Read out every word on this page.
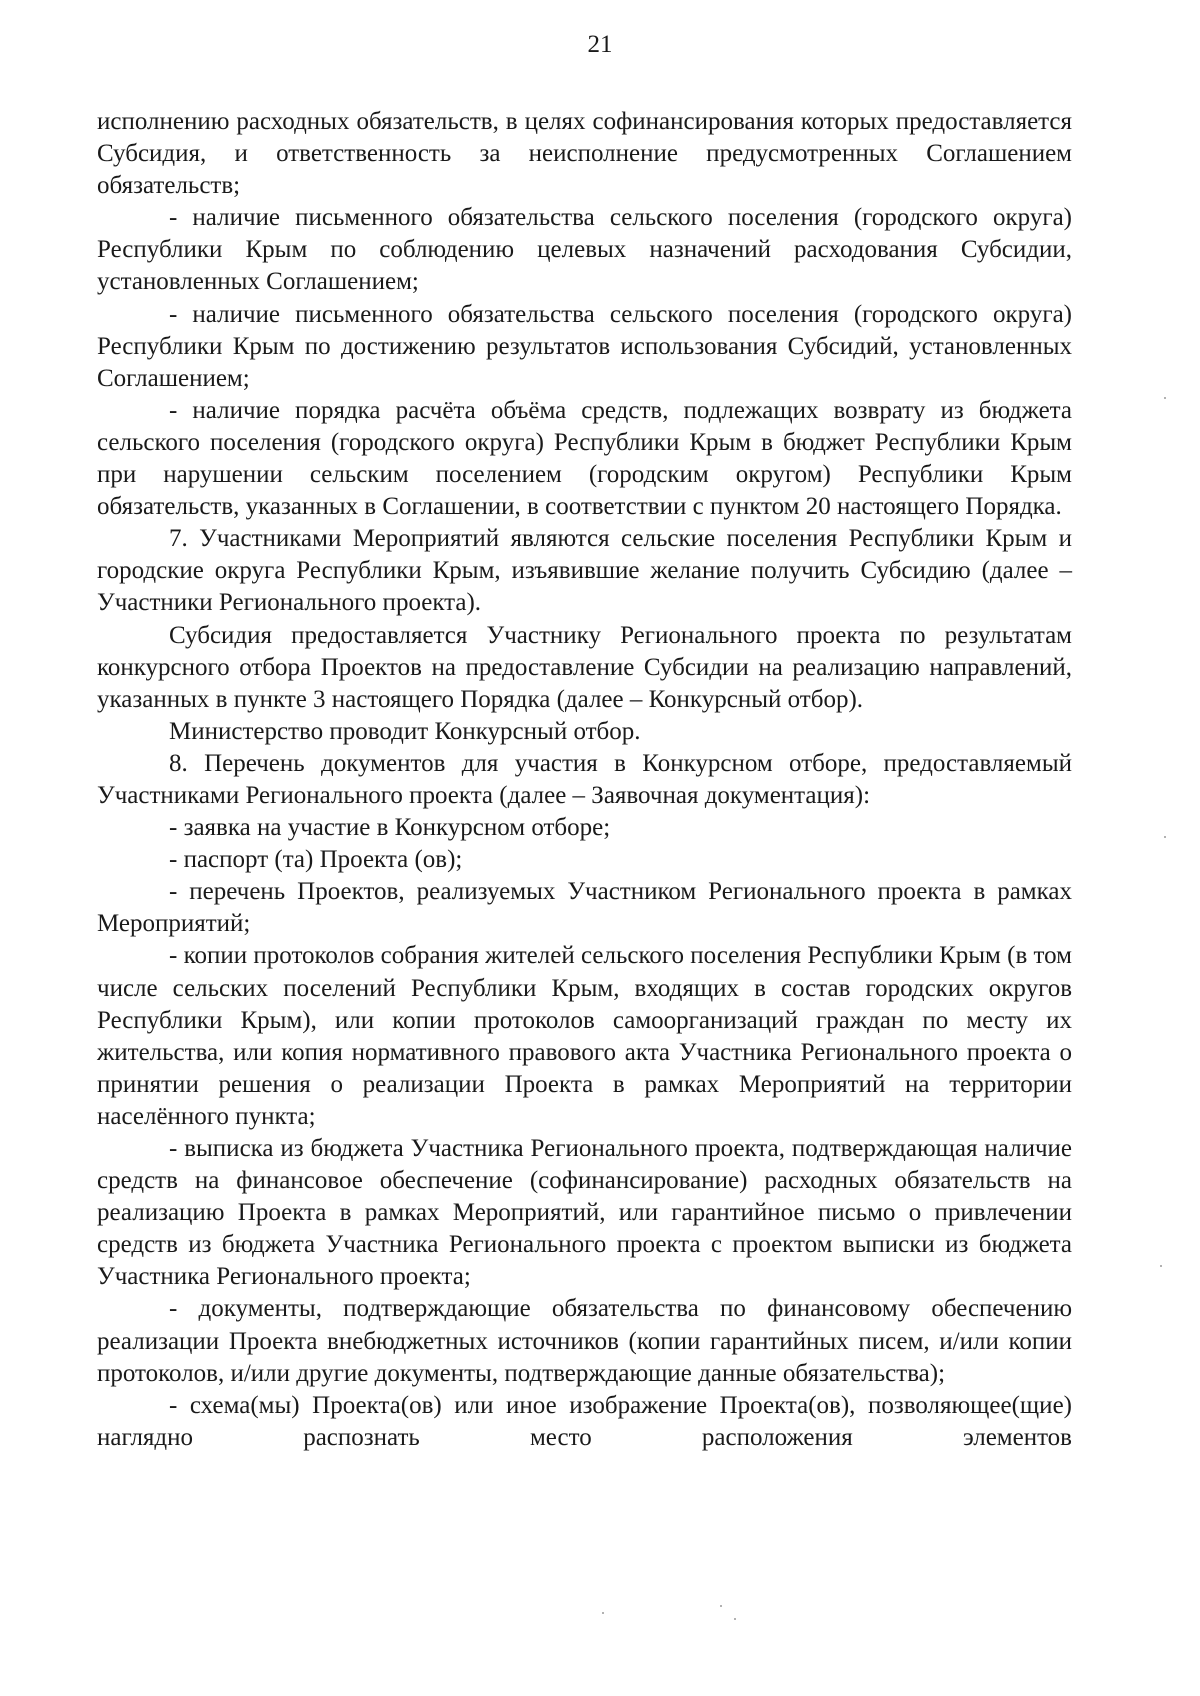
21

исполнению расходных обязательств, в целях софинансирования которых предоставляется Субсидия, и ответственность за неисполнение предусмотренных Соглашением обязательств;

- наличие письменного обязательства сельского поселения (городского округа) Республики Крым по соблюдению целевых назначений расходования Субсидии, установленных Соглашением;

- наличие письменного обязательства сельского поселения (городского округа) Республики Крым по достижению результатов использования Субсидий, установленных Соглашением;

- наличие порядка расчёта объёма средств, подлежащих возврату из бюджета сельского поселения (городского округа) Республики Крым в бюджет Республики Крым при нарушении сельским поселением (городским округом) Республики Крым обязательств, указанных в Соглашении, в соответствии с пунктом 20 настоящего Порядка.

7. Участниками Мероприятий являются сельские поселения Республики Крым и городские округа Республики Крым, изъявившие желание получить Субсидию (далее – Участники Регионального проекта).

Субсидия предоставляется Участнику Регионального проекта по результатам конкурсного отбора Проектов на предоставление Субсидии на реализацию направлений, указанных в пункте 3 настоящего Порядка (далее – Конкурсный отбор).

Министерство проводит Конкурсный отбор.

8. Перечень документов для участия в Конкурсном отборе, предоставляемый Участниками Регионального проекта (далее – Заявочная документация):

- заявка на участие в Конкурсном отборе;

- паспорт (та) Проекта (ов);

- перечень Проектов, реализуемых Участником Регионального проекта в рамках Мероприятий;

- копии протоколов собрания жителей сельского поселения Республики Крым (в том числе сельских поселений Республики Крым, входящих в состав городских округов Республики Крым), или копии протоколов самоорганизаций граждан по месту их жительства, или копия нормативного правового акта Участника Регионального проекта о принятии решения о реализации Проекта в рамках Мероприятий на территории населённого пункта;

- выписка из бюджета Участника Регионального проекта, подтверждающая наличие средств на финансовое обеспечение (софинансирование) расходных обязательств на реализацию Проекта в рамках Мероприятий, или гарантийное письмо о привлечении средств из бюджета Участника Регионального проекта с проектом выписки из бюджета Участника Регионального проекта;

- документы, подтверждающие обязательства по финансовому обеспечению реализации Проекта внебюджетных источников (копии гарантийных писем, и/или копии протоколов, и/или другие документы, подтверждающие данные обязательства);

- схема(мы) Проекта(ов) или иное изображение Проекта(ов), позволяющее(щие) наглядно распознать место расположения элементов
